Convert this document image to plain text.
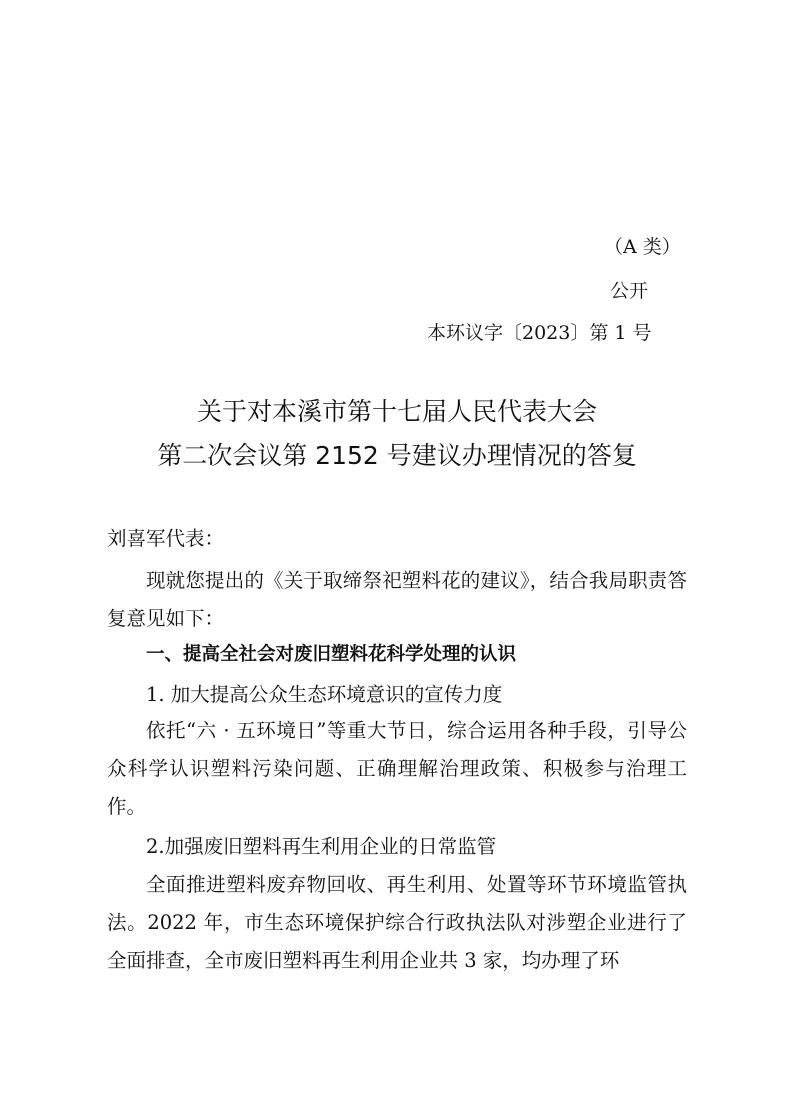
（A 类）
公开
本环议字〔2023〕第 1 号
关于对本溪市第十七届人民代表大会
第二次会议第 2152 号建议办理情况的答复
刘喜军代表：

现就您提出的《关于取缔祭祀塑料花的建议》，结合我局职责答复意见如下：

一、提高全社会对废旧塑料花科学处理的认识
1. 加大提高公众生态环境意识的宣传力度

依托“六 · 五环境日”等重大节日，综合运用各种手段，引导公众科学认识塑料污染问题、正确理解治理政策、积极参与治理工作。

2.加强废旧塑料再生利用企业的日常监管

全面推进塑料废弃物回收、再生利用、处置等环节环境监管执法。2022 年，市生态环境保护综合行政执法队对涉塑企业进行了全面排查，全市废旧塑料再生利用企业共 3 家，均办理了环
